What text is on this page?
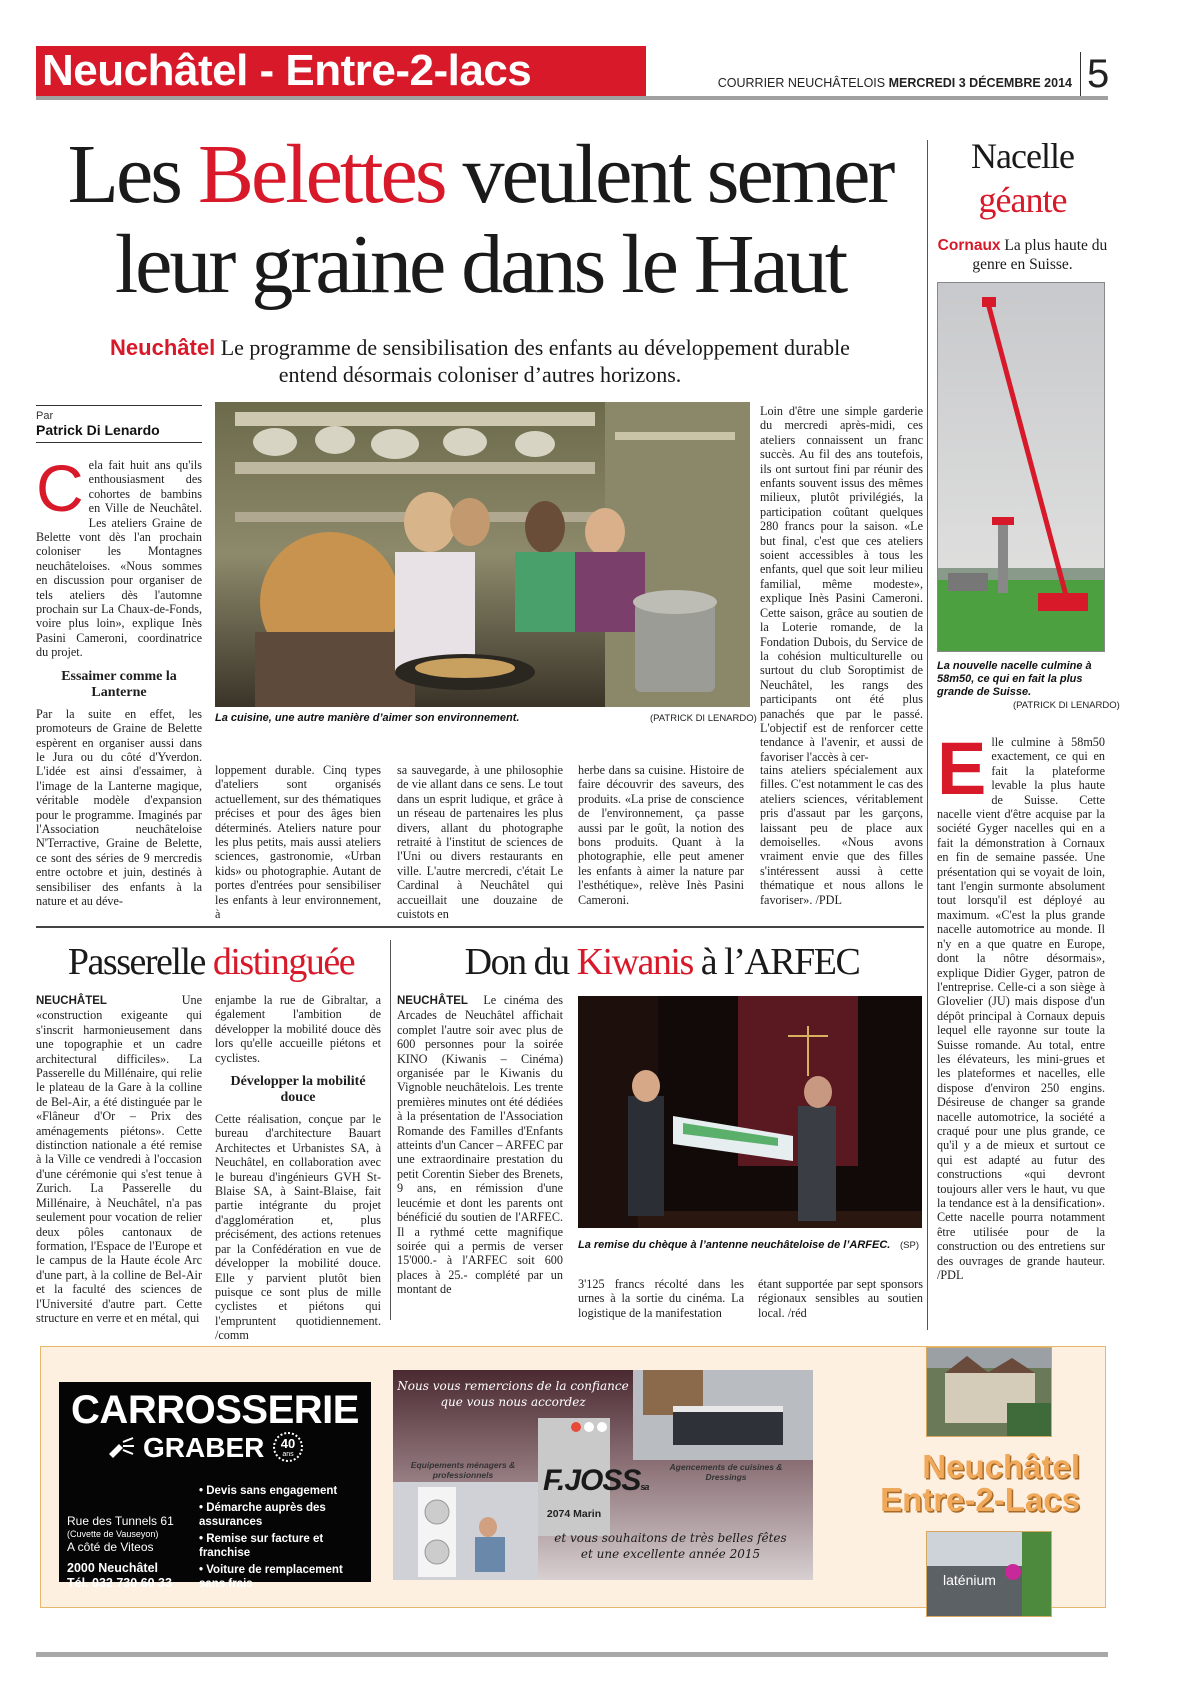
Neuchâtel - Entre-2-lacs	COURRIER NEUCHÂTELOIS MERCREDI 3 DÉCEMBRE 2014 5
Les Belettes veulent semer
leur graine dans le Haut
Neuchâtel Le programme de sensibilisation des enfants au développement durable
entend désormais coloniser d’autres horizons.
Par
Patrick Di Lenardo
C ela fait huit ans qu'ils enthousiasment des cohortes de bambins en Ville de Neuchâtel. Les ateliers Graine de Belette vont dès l'an prochain coloniser les Montagnes neuchâteloises. «Nous sommes en discussion pour organiser de tels ateliers dès l'automne prochain sur La Chaux-de-Fonds, voire plus loin», explique Inès Pasini Cameroni, coordinatrice du projet.
Essaimer comme la Lanterne
Par la suite en effet, les promoteurs de Graine de Belette espèrent en organiser aussi dans le Jura ou du côté d'Yverdon. L'idée est ainsi d'essaimer, à l'image de la Lanterne magique, véritable modèle d'expansion pour le programme. Imaginés par l'Association neuchâteloise N'Terractive, Graine de Belette, ce sont des séries de 9 mercredis entre octobre et juin, destinés à sensibiliser des enfants à la nature et au déve-
La cuisine, une autre manière d’aimer son environnement.	(PATRICK DI LENARDO)
loppement durable. Cinq types d'ateliers sont organisés actuellement, sur des thématiques précises et pour des âges bien déterminés. Ateliers nature pour les plus petits, mais aussi ateliers sciences, gastronomie, «Urban kids» ou photographie. Autant de portes d'entrées pour sensibiliser les enfants à leur environnement, à
sa sauvegarde, à une philosophie de vie allant dans ce sens. Le tout dans un esprit ludique, et grâce à un réseau de partenaires les plus divers, allant du photographe retraité à l'institut de sciences de l'Uni ou divers restaurants en ville. L'autre mercredi, c'était Le Cardinal à Neuchâtel qui accueillait une douzaine de cuistots en
herbe dans sa cuisine. Histoire de faire découvrir des saveurs, des produits. «La prise de conscience de l'environnement, ça passe aussi par le goût, la notion des bons produits. Quant à la photographie, elle peut amener les enfants à aimer la nature par l'esthétique», relève Inès Pasini Cameroni.
Loin d'être une simple garderie du mercredi après-midi, ces ateliers connaissent un franc succès. Au fil des ans toutefois, ils ont surtout fini par réunir des enfants souvent issus des mêmes milieux, plutôt privilégiés, la participation coûtant quelques 280 francs pour la saison. «Le but final, c'est que ces ateliers soient accessibles à tous les enfants, quel que soit leur milieu familial, même modeste», explique Inès Pasini Cameroni. Cette saison, grâce au soutien de la Loterie romande, de la Fondation Dubois, du Service de la cohésion multiculturelle ou surtout du club Soroptimist de Neuchâtel, les rangs des participants ont été plus panachés que par le passé. L'objectif est de renforcer cette tendance à l'avenir, et aussi de favoriser l'accès à cer-
tains ateliers spécialement aux filles. C'est notamment le cas des ateliers sciences, véritablement pris d'assaut par les garçons, laissant peu de place aux demoiselles. «Nous avons vraiment envie que des filles s'intéressent aussi à cette thématique et nous allons le favoriser». /PDL
Nacelle
géante
Cornaux La plus haute du genre en Suisse.
La nouvelle nacelle culmine à 58m50, ce qui en fait la plus grande de Suisse.
(PATRICK DI LENARDO)
E lle culmine à 58m50 exactement, ce qui en fait la plateforme levable la plus haute de Suisse. Cette nacelle vient d'être acquise par la société Gyger nacelles qui en a fait la démonstration à Cornaux en fin de semaine passée. Une présentation qui se voyait de loin, tant l'engin surmonte absolument tout lorsqu'il est déployé au maximum. «C'est la plus grande nacelle automotrice au monde. Il n'y en a que quatre en Europe, dont la nôtre désormais», explique Didier Gyger, patron de l'entreprise. Celle-ci a son siège à Glovelier (JU) mais dispose d'un dépôt principal à Cornaux depuis lequel elle rayonne sur toute la Suisse romande. Au total, entre les élévateurs, les mini-grues et les plateformes et nacelles, elle dispose d'environ 250 engins. Désireuse de changer sa grande nacelle automotrice, la société a craqué pour une plus grande, ce qu'il y a de mieux et surtout ce qui est adapté au futur des constructions «qui devront toujours aller vers le haut, vu que la tendance est à la densification». Cette nacelle pourra notamment être utilisée pour de la construction ou des entretiens sur des ouvrages de grande hauteur. /PDL
Passerelle distinguée
NEUCHÂTEL	Une «construction exigeante qui s'inscrit harmonieusement dans une topographie et un cadre architectural difficiles». La Passerelle du Millénaire, qui relie le plateau de la Gare à la colline de Bel-Air, a été distinguée par le «Flâneur d'Or – Prix des aménagements piétons». Cette distinction nationale a été remise à la Ville ce vendredi à l'occasion d'une cérémonie qui s'est tenue à Zurich. La Passerelle du Millénaire, à Neuchâtel, n'a pas seulement pour vocation de relier deux pôles cantonaux de formation, l'Espace de l'Europe et le campus de la Haute école Arc d'une part, à la colline de Bel-Air et la faculté des sciences de l'Université d'autre part. Cette structure en verre et en métal, qui
enjambe la rue de Gibraltar, a également l'ambition de développer la mobilité douce dès lors qu'elle accueille piétons et cyclistes.
Développer la mobilité douce
Cette réalisation, conçue par le bureau d'architecture Bauart Architectes et Urbanistes SA, à Neuchâtel, en collaboration avec le bureau d'ingénieurs GVH St-Blaise SA, à Saint-Blaise, fait partie intégrante du projet d'agglomération et, plus précisément, des actions retenues par la Confédération en vue de développer la mobilité douce. Elle y parvient plutôt bien puisque ce sont plus de mille cyclistes et piétons qui l'empruntent quotidiennement. /comm
Don du Kiwanis à l’ARFEC
NEUCHÂTEL Le cinéma des Arcades de Neuchâtel affichait complet l'autre soir avec plus de 600 personnes pour la soirée KINO (Kiwanis – Cinéma) organisée par le Kiwanis du Vignoble neuchâtelois. Les trente premières minutes ont été dédiées à la présentation de l'Association Romande des Familles d'Enfants atteints d'un Cancer – ARFEC par une extraordinaire prestation du petit Corentin Sieber des Brenets, 9 ans, en rémission d'une leucémie et dont les parents ont bénéficié du soutien de l'ARFEC. Il a rythmé cette magnifique soirée qui a permis de verser 15'000.- à l'ARFEC soit 600 places à 25.- complété par un montant de
La remise du chèque à l’antenne neuchâteloise de l’ARFEC. (SP)
3'125 francs récolté dans les urnes à la sortie du cinéma. La logistique de la manifestation
étant supportée par sept sponsors régionaux sensibles au soutien local. /réd
CARROSSERIE
GRABER	40
ans
Rue des Tunnels 61
(Cuvette de Vauseyon)
A côté de Viteos
2000 Neuchâtel
Tél. 032 730 60 33
• Devis sans engagement
• Démarche auprès des assurances
• Remise sur facture et franchise
• Voiture de remplacement sans frais
Nous vous remercions de la confiance
que vous nous accordez
Equipements ménagers & professionnels	F.JOSSsa
2074 Marin
Agencements de cuisines & Dressings
et vous souhaitons de très belles fêtes
et une excellente année 2015
Neuchâtel
Entre-2-Lacs
laténium
